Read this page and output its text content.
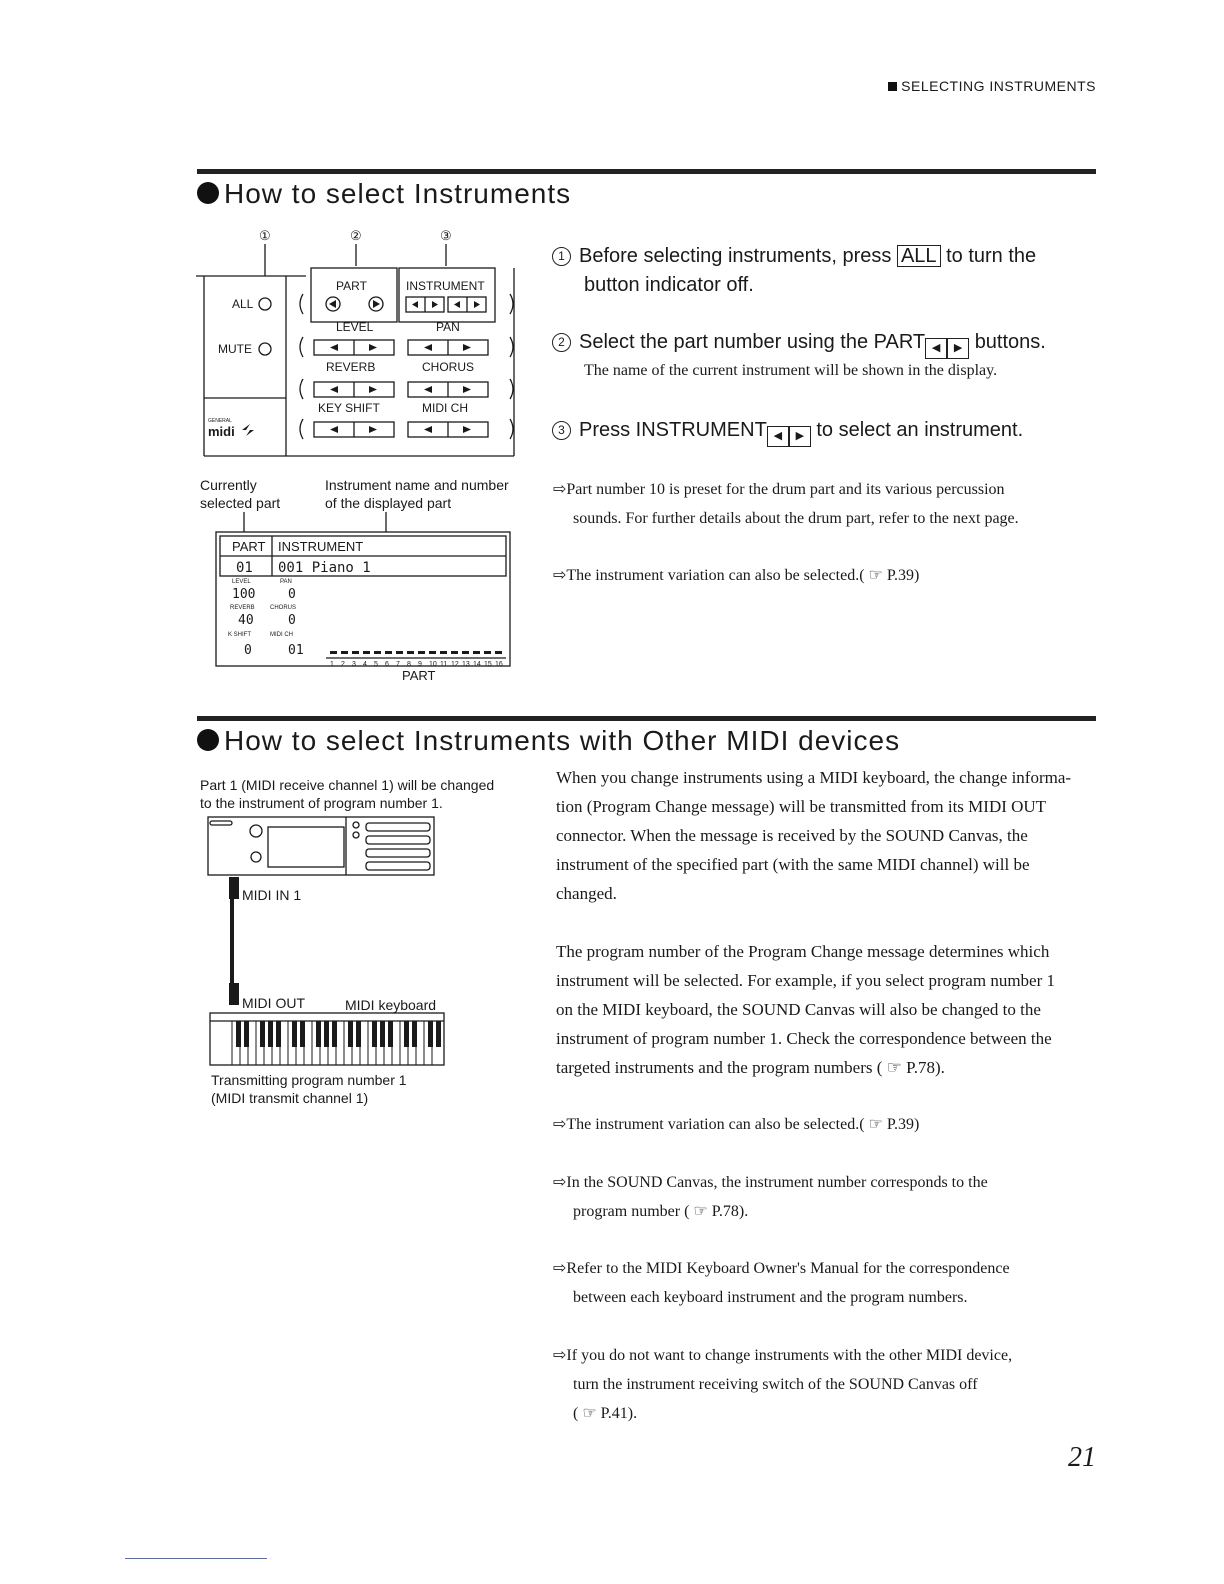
SELECTING INSTRUMENTS
How to select Instruments
①	②	③
ALL
MUTE
PART	INSTRUMENT
LEVEL	PAN
REVERB	CHORUS
KEY SHIFT	MIDI CH
GENERAL
midi
Currently
selected part
Instrument name and number
of the displayed part
PART INSTRUMENT
01 001 Piano 1
LEVEL	PAN
100	0
REVERB	CHORUS
40	0
K SHIFT	MIDI CH
0	01
PART
1 2 3 4 5 6 7 8 9 10 11 12 13 14 15 16
1 Before selecting instruments, press ALL to turn the
button indicator off.
2 Select the part number using the PART ◀ ▶ buttons.
The name of the current instrument will be shown in the display.
3 Press INSTRUMENT ◀ ▶ to select an instrument.
⇨Part number 10 is preset for the drum part and its various percussion
sounds. For further details about the drum part, refer to the next page.
⇨The instrument variation can also be selected.( ☞ P.39)
How to select Instruments with Other MIDI devices
Part 1 (MIDI receive channel 1) will be changed
to the instrument of program number 1.
MIDI IN 1
MIDI OUT	MIDI keyboard
Transmitting program number 1
(MIDI transmit channel 1)
When you change instruments using a MIDI keyboard, the change informa-
tion (Program Change message) will be transmitted from its MIDI OUT
connector. When the message is received by the SOUND Canvas, the
instrument of the specified part (with the same MIDI channel) will be
changed.
The program number of the Program Change message determines which
instrument will be selected. For example, if you select program number 1
on the MIDI keyboard, the SOUND Canvas will also be changed to the
instrument of program number 1. Check the correspondence between the
targeted instruments and the program numbers ( ☞ P.78).
⇨The instrument variation can also be selected.( ☞ P.39)
⇨In the SOUND Canvas, the instrument number corresponds to the
program number ( ☞ P.78).
⇨Refer to the MIDI Keyboard Owner's Manual for the correspondence
between each keyboard instrument and the program numbers.
⇨If you do not want to change instruments with the other MIDI device,
turn the instrument receiving switch of the SOUND Canvas off
( ☞ P.41).
21
